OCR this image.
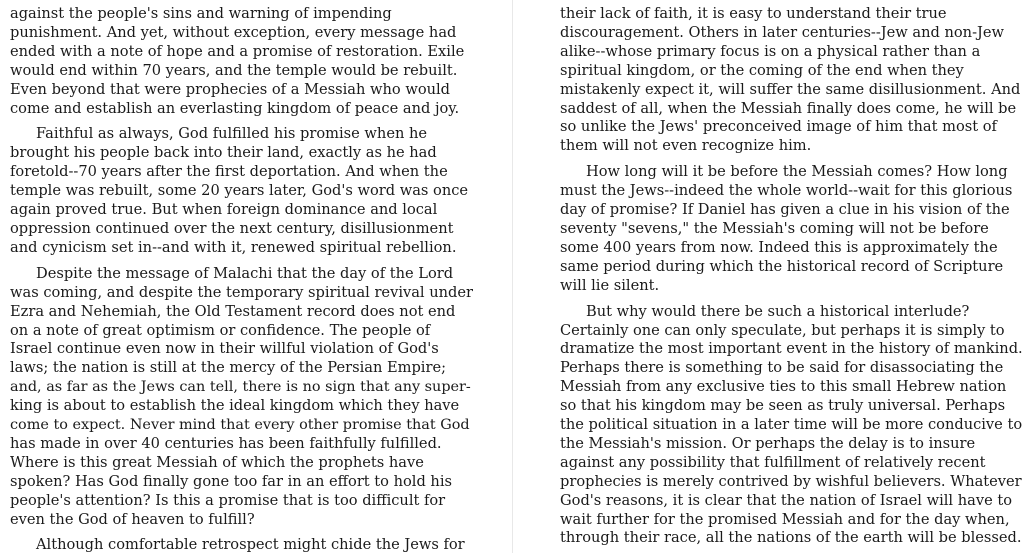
against the people's sins and warning of impending
punishment. And yet, without exception, every message had
ended with a note of hope and a promise of restoration. Exile
would end within 70 years, and the temple would be rebuilt.
Even beyond that were prophecies of a Messiah who would
come and establish an everlasting kingdom of peace and joy.
Faithful as always, God fulfilled his promise when he
brought his people back into their land, exactly as he had
foretold--70 years after the first deportation. And when the
temple was rebuilt, some 20 years later, God's word was once
again proved true. But when foreign dominance and local
oppression continued over the next century, disillusionment
and cynicism set in--and with it, renewed spiritual rebellion.
Despite the message of Malachi that the day of the Lord
was coming, and despite the temporary spiritual revival under
Ezra and Nehemiah, the Old Testament record does not end
on a note of great optimism or confidence. The people of
Israel continue even now in their willful violation of God's
laws; the nation is still at the mercy of the Persian Empire;
and, as far as the Jews can tell, there is no sign that any super-
king is about to establish the ideal kingdom which they have
come to expect. Never mind that every other promise that God
has made in over 40 centuries has been faithfully fulfilled.
Where is this great Messiah of which the prophets have
spoken? Has God finally gone too far in an effort to hold his
people's attention? Is this a promise that is too difficult for
even the God of heaven to fulfill?
Although comfortable retrospect might chide the Jews for
their lack of faith, it is easy to understand their true
discouragement. Others in later centuries--Jew and non-Jew
alike--whose primary focus is on a physical rather than a
spiritual kingdom, or the coming of the end when they
mistakenly expect it, will suffer the same disillusionment. And
saddest of all, when the Messiah finally does come, he will be
so unlike the Jews' preconceived image of him that most of
them will not even recognize him.
How long will it be before the Messiah comes? How long
must the Jews--indeed the whole world--wait for this glorious
day of promise? If Daniel has given a clue in his vision of the
seventy "sevens," the Messiah's coming will not be before
some 400 years from now. Indeed this is approximately the
same period during which the historical record of Scripture
will lie silent.
But why would there be such a historical interlude?
Certainly one can only speculate, but perhaps it is simply to
dramatize the most important event in the history of mankind.
Perhaps there is something to be said for disassociating the
Messiah from any exclusive ties to this small Hebrew nation
so that his kingdom may be seen as truly universal. Perhaps
the political situation in a later time will be more conducive to
the Messiah's mission. Or perhaps the delay is to insure
against any possibility that fulfillment of relatively recent
prophecies is merely contrived by wishful believers. Whatever
God's reasons, it is clear that the nation of Israel will have to
wait further for the promised Messiah and for the day when,
through their race, all the nations of the earth will be blessed.
